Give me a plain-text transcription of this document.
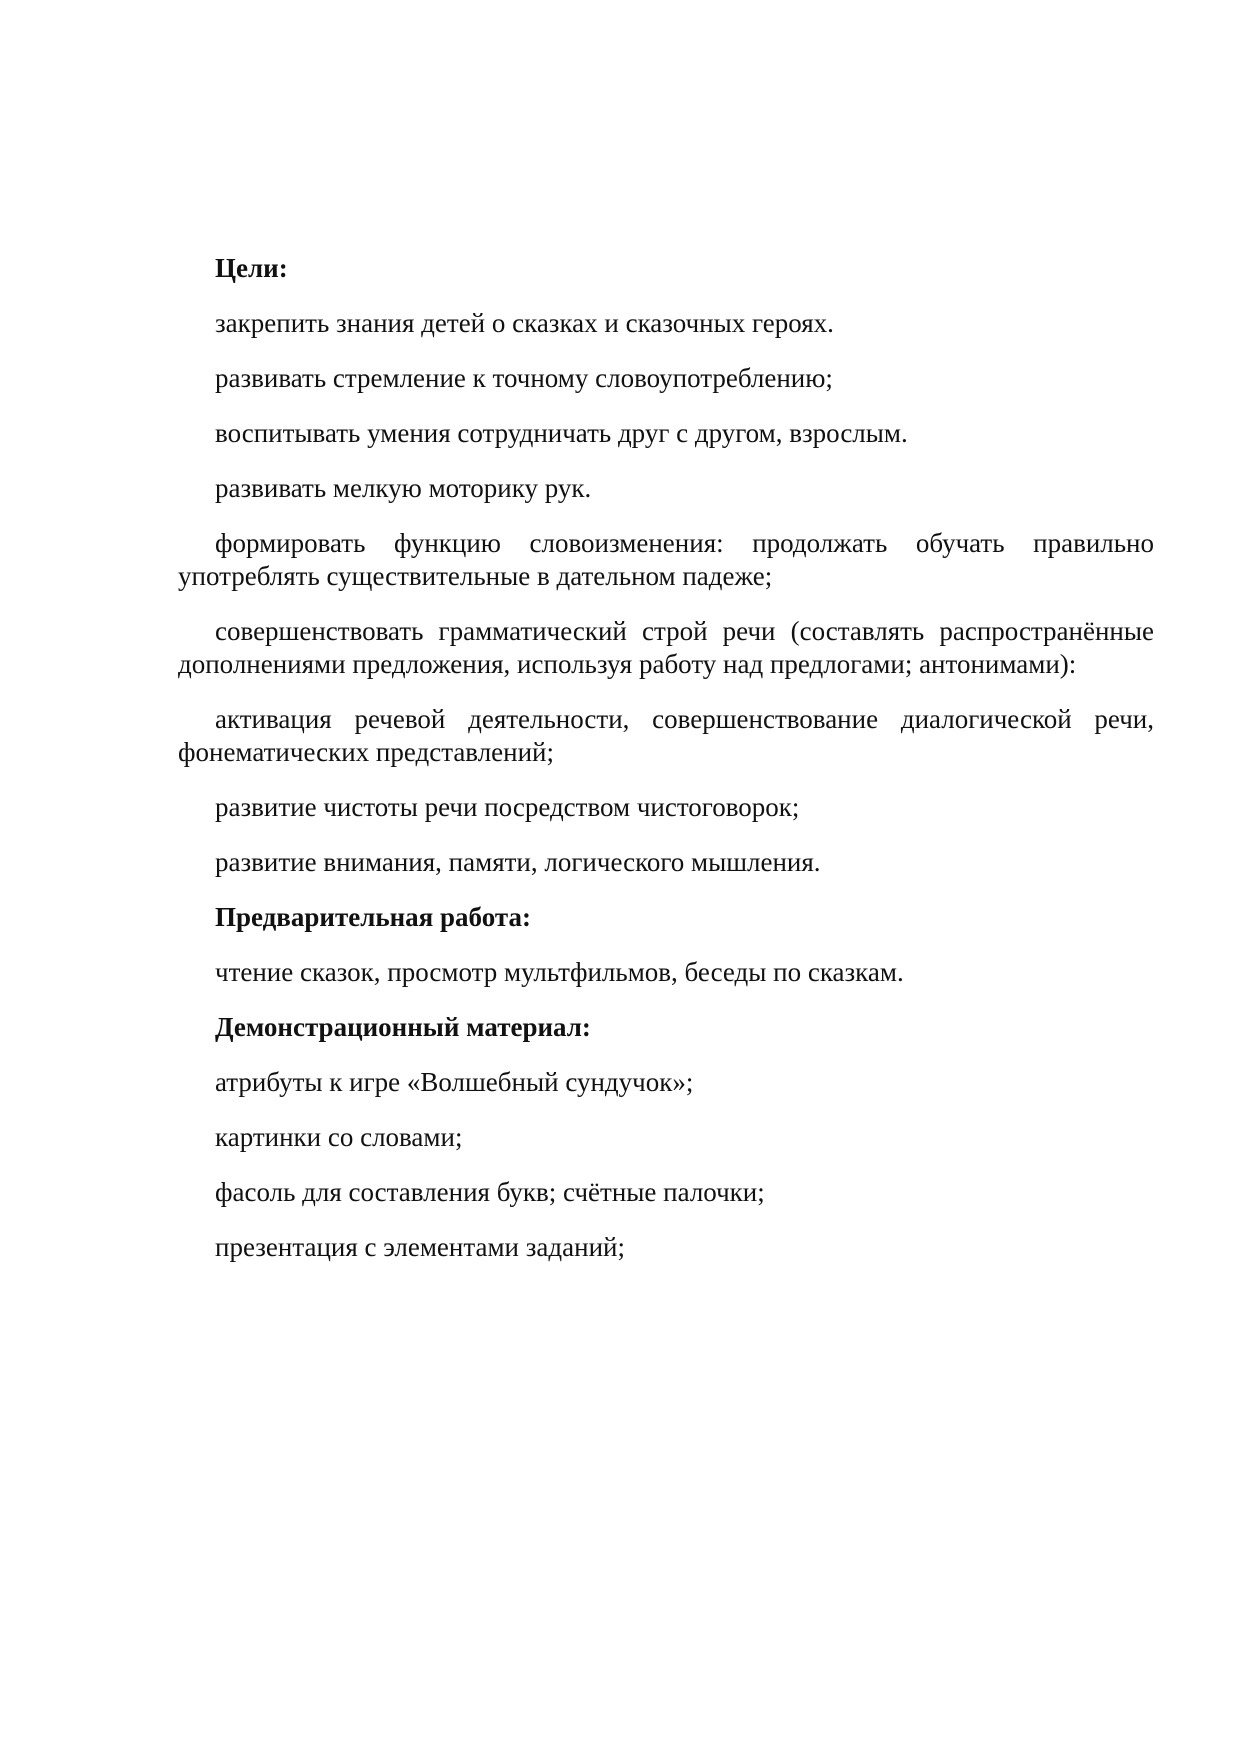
Цели:

закрепить знания детей о сказках и сказочных героях.

развивать стремление к точному словоупотреблению;

воспитывать умения сотрудничать друг с другом, взрослым.

развивать мелкую моторику рук.

формировать функцию словоизменения: продолжать обучать правильно употреблять существительные в дательном падеже;

совершенствовать грамматический строй речи (составлять распространённые дополнениями предложения, используя работу над предлогами; антонимами):

активация речевой деятельности, совершенствование диалогической речи, фонематических представлений;

развитие чистоты речи посредством чистоговорок;

развитие внимания, памяти, логического мышления.

Предварительная работа:

чтение сказок, просмотр мультфильмов, беседы по сказкам.

Демонстрационный материал:

атрибуты к игре «Волшебный сундучок»;

картинки со словами;

фасоль для составления букв; счётные палочки;

презентация с элементами заданий;
